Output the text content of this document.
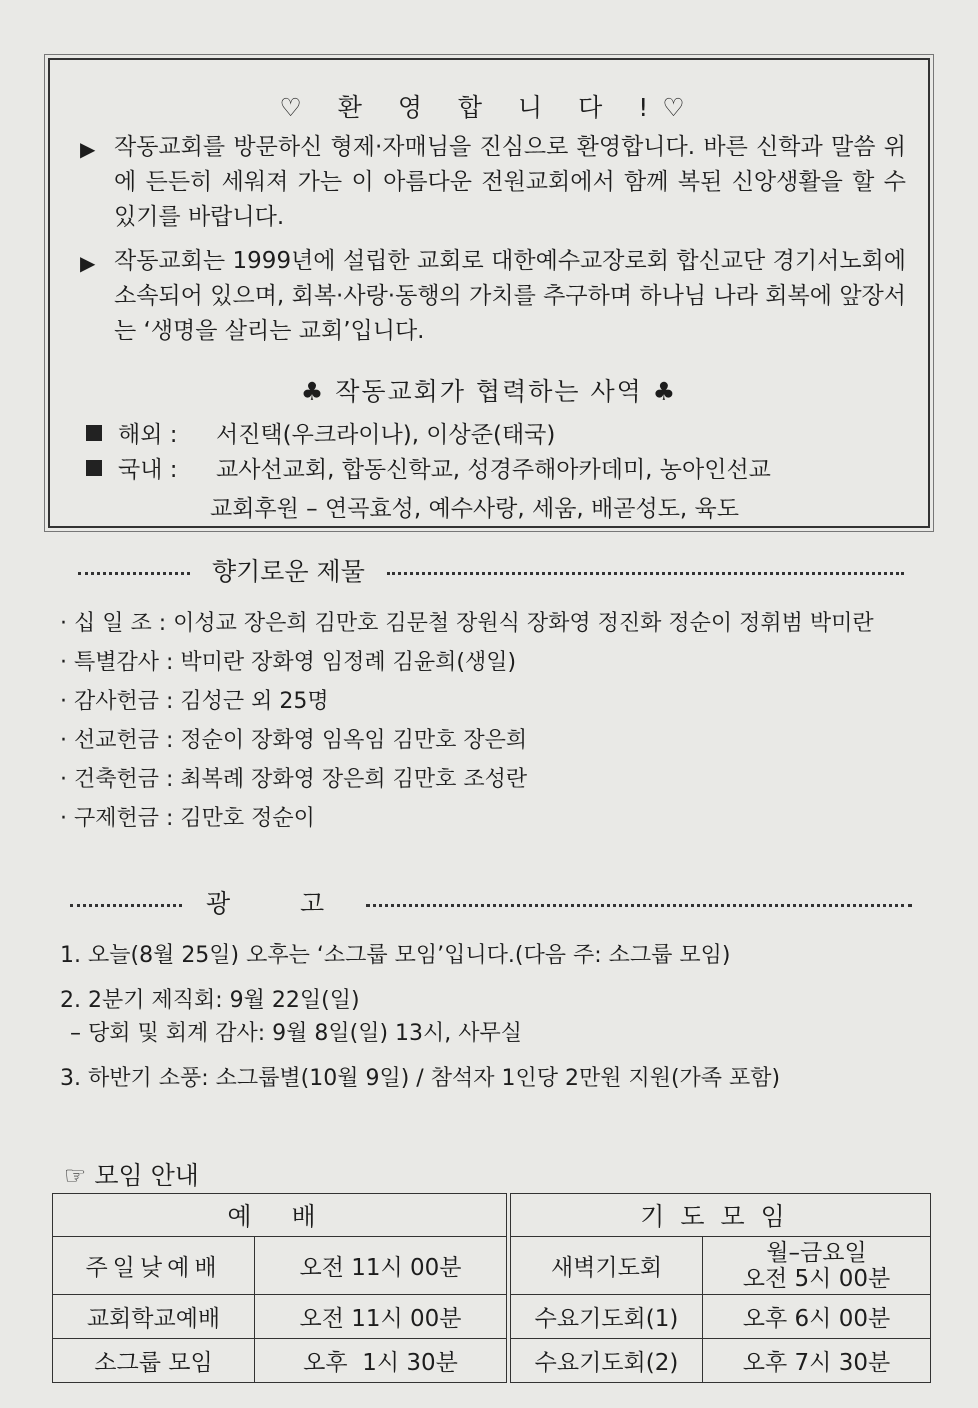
♡ 환 영 합 니 다 !♡
▶ 작동교회를 방문하신 형제·자매님을 진심으로 환영합니다. 바른 신학과 말씀 위에 든든히 세워져 가는 이 아름다운 전원교회에서 함께 복된 신앙생활을 할 수 있기를 바랍니다.
▶ 작동교회는 1999년에 설립한 교회로 대한예수교장로회 합신교단 경기서노회에 소속되어 있으며, 회복·사랑·동행의 가치를 추구하며 하나님 나라 회복에 앞장서는 ‘생명을 살리는 교회’입니다.
♣ 작동교회가 협력하는 사역 ♣
해외 : 서진택(우크라이나), 이상준(태국)
국내 : 교사선교회, 합동신학교, 성경주해아카데미, 농아인선교
교회후원 – 연곡효성, 예수사랑, 세움, 배곧성도, 육도
향기로운 제물
· 십 일 조 : 이성교 장은희 김만호 김문철 장원식 장화영 정진화 정순이 정휘범 박미란
· 특별감사 : 박미란 장화영 임정례 김윤희(생일)
· 감사헌금 : 김성근 외 25명
· 선교헌금 : 정순이 장화영 임옥임 김만호 장은희
· 건축헌금 : 최복례 장화영 장은희 김만호 조성란
· 구제헌금 : 김만호 정순이
광  고
1. 오늘(8월 25일) 오후는 ‘소그룹 모임’입니다.(다음 주: 소그룹 모임)
2. 2분기 제직회: 9월 22일(일)
– 당회 및 회계 감사: 9월 8일(일) 13시, 사무실
3. 하반기 소풍: 소그룹별(10월 9일) / 참석자 1인당 2만원 지원(가족 포함)
☞ 모임 안내
예 배			기도모임	
주일낮예배	오전 11시 00분		새벽기도회	월–금요일
오전 5시 00분

교회학교예배	오전 11시 00분		수요기도회(1)	오후 6시 00분
소그룹 모임	오후  1시 30분		수요기도회(2)	오후 7시 30분
